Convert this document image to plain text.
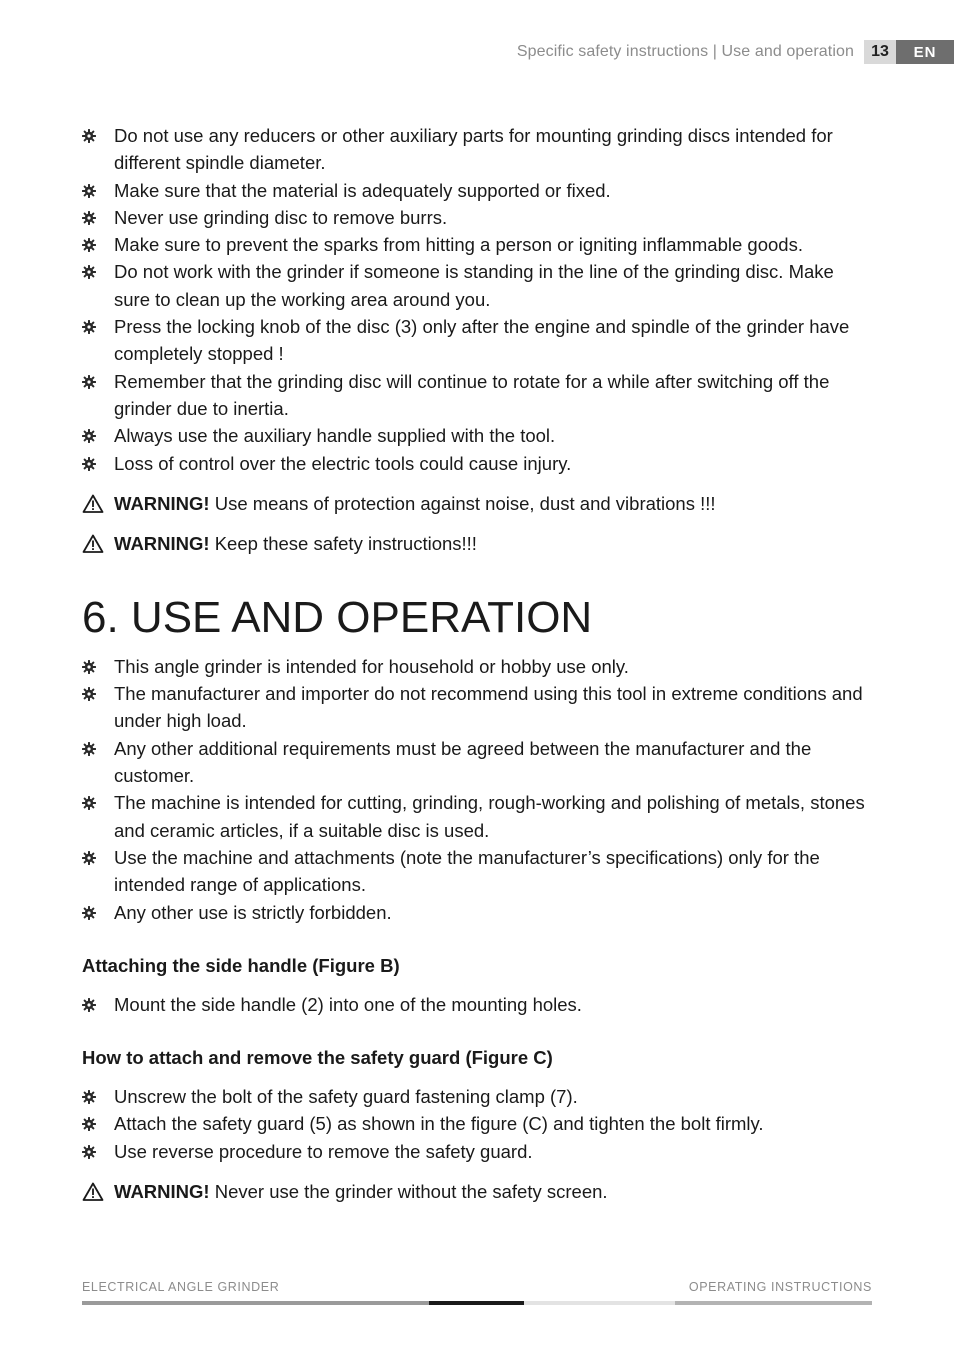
Specific safety instructions | Use and operation	13	EN
Do not use any reducers or other auxiliary parts for mounting grinding discs intended for different spindle diameter.
Make sure that the material is adequately supported or fixed.
Never use grinding disc to remove burrs.
Make sure to prevent the sparks from hitting a person or igniting inflammable goods.
Do not work with the grinder if someone is standing in the line of the grinding disc. Make sure to clean up the working area around you.
Press the locking knob of the disc (3) only after the engine and spindle of the grinder have completely stopped !
Remember that the grinding disc will continue to rotate for a while after switching off the grinder due to inertia.
Always use the auxiliary handle supplied with the tool.
Loss of control over the electric tools could cause injury.
WARNING! Use means of protection against noise, dust and vibrations !!!
WARNING! Keep these safety instructions!!!
6. USE AND OPERATION
This angle grinder is intended for household or hobby use only.
The manufacturer and importer do not recommend using this tool in extreme conditions and under high load.
Any other additional requirements must be agreed between the manufacturer and the customer.
The machine is intended for cutting, grinding, rough-working and polishing of metals, stones and ceramic articles, if a suitable disc is used.
Use the machine and attachments (note the manufacturer’s specifications) only for the intended range of applications.
Any other use is strictly forbidden.
Attaching the side handle (Figure B)
Mount the side handle (2) into one of the mounting holes.
How to attach and remove the safety guard (Figure C)
Unscrew the bolt of the safety guard fastening clamp (7).
Attach the safety guard (5) as shown in the figure (C) and tighten the bolt firmly.
Use reverse procedure to remove the safety guard.
WARNING! Never use the grinder without the safety screen.
ELECTRICAL ANGLE GRINDER	OPERATING INSTRUCTIONS
